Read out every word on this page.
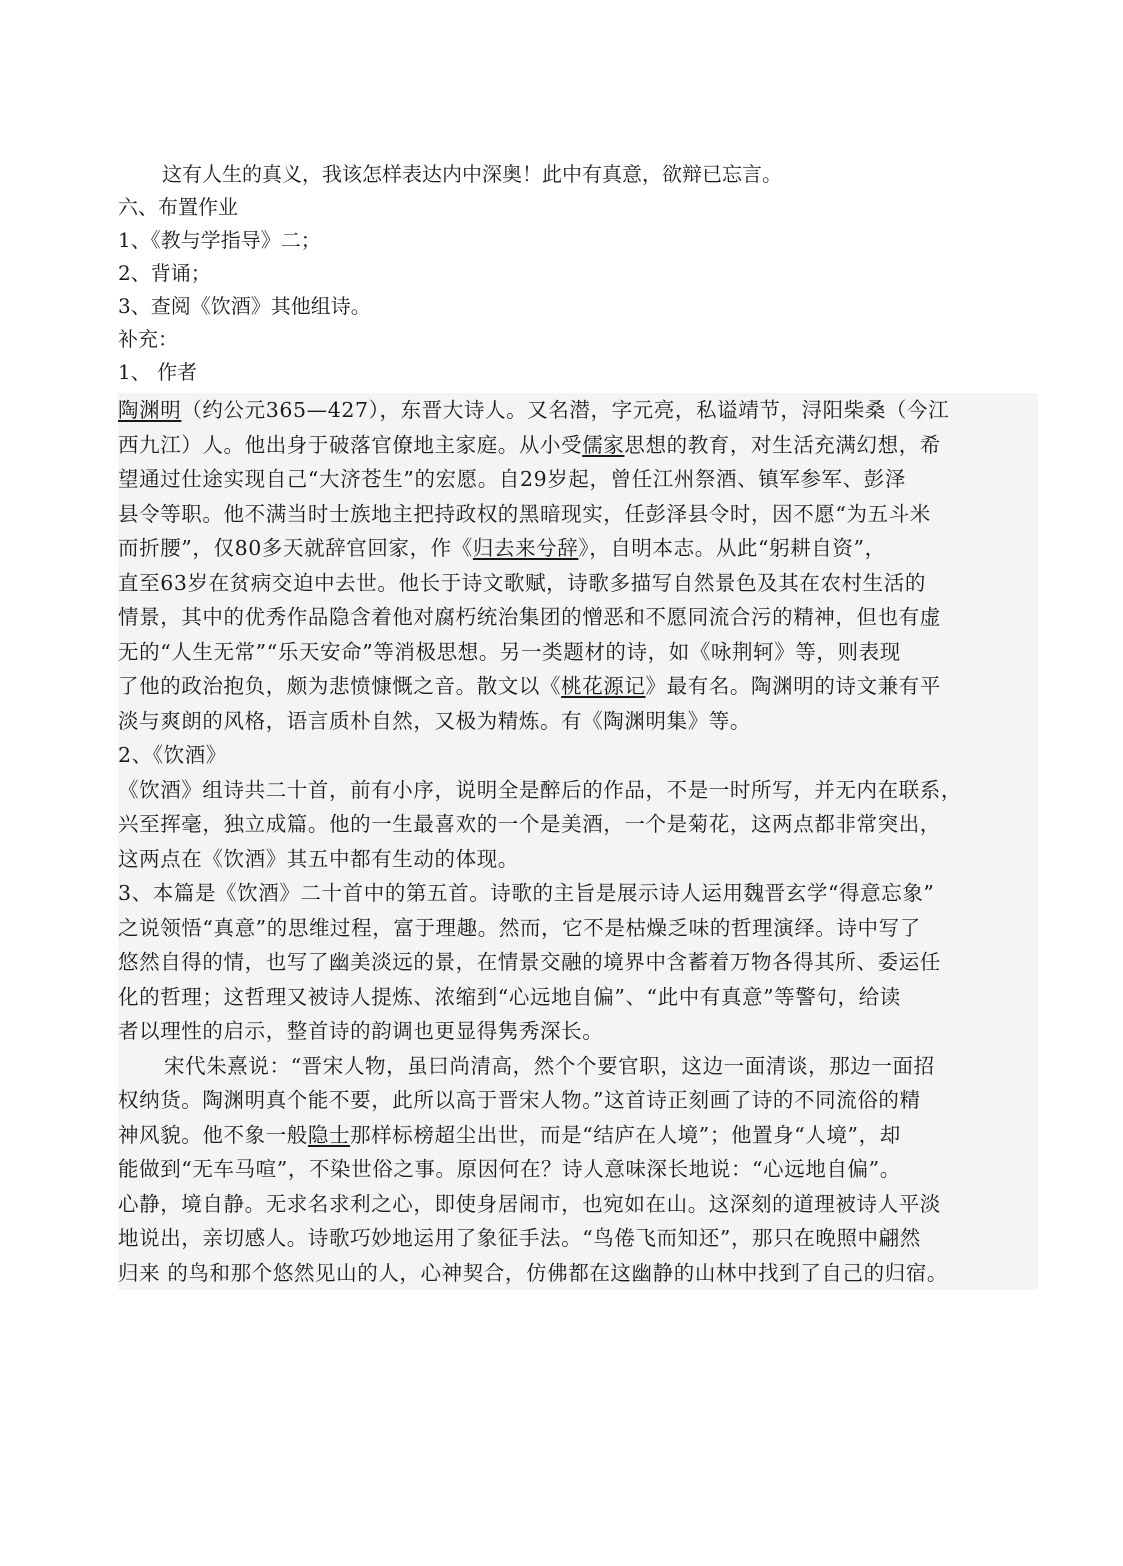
这有人生的真义，我该怎样表达内中深奥！此中有真意，欲辩已忘言。
六、布置作业
1、《教与学指导》二；
2、背诵；
3、查阅《饮酒》其他组诗。
补充：
1、 作者
陶渊明（约公元365—427），东晋大诗人。又名潜，字元亮，私谥靖节，浔阳柴桑（今江
西九江）人。他出身于破落官僚地主家庭。从小受儒家思想的教育，对生活充满幻想，希
望通过仕途实现自己“大济苍生”的宏愿。自29岁起，曾任江州祭酒、镇军参军、彭泽
县令等职。他不满当时士族地主把持政权的黑暗现实，任彭泽县令时，因不愿“为五斗米
而折腰”，仅80多天就辞官回家，作《归去来兮辞》，自明本志。从此“躬耕自资”，
直至63岁在贫病交迫中去世。他长于诗文歌赋，诗歌多描写自然景色及其在农村生活的
情景，其中的优秀作品隐含着他对腐朽统治集团的憎恶和不愿同流合污的精神，但也有虚
无的“人生无常”“乐天安命”等消极思想。另一类题材的诗，如《咏荆轲》等，则表现
了他的政治抱负，颇为悲愤慷慨之音。散文以《桃花源记》最有名。陶渊明的诗文兼有平
淡与爽朗的风格，语言质朴自然，又极为精炼。有《陶渊明集》等。
2、《饮酒》
《饮酒》组诗共二十首，前有小序，说明全是醉后的作品，不是一时所写，并无内在联系，
兴至挥毫，独立成篇。他的一生最喜欢的一个是美酒，一个是菊花，这两点都非常突出，
这两点在《饮酒》其五中都有生动的体现。
3、本篇是《饮酒》二十首中的第五首。诗歌的主旨是展示诗人运用魏晋玄学“得意忘象”
之说领悟“真意”的思维过程，富于理趣。然而，它不是枯燥乏味的哲理演绎。诗中写了
悠然自得的情，也写了幽美淡远的景，在情景交融的境界中含蓄着万物各得其所、委运任
化的哲理；这哲理又被诗人提炼、浓缩到“心远地自偏”、“此中有真意”等警句，给读
者以理性的启示，整首诗的韵调也更显得隽秀深长。
宋代朱熹说：“晋宋人物，虽曰尚清高，然个个要官职，这边一面清谈，那边一面招
权纳货。陶渊明真个能不要，此所以高于晋宋人物。”这首诗正刻画了诗的不同流俗的精
神风貌。他不象一般隐士那样标榜超尘出世，而是“结庐在人境”；他置身“人境”，却
能做到“无车马喧”，不染世俗之事。原因何在？诗人意味深长地说：“心远地自偏”。
心静，境自静。无求名求利之心，即使身居闹市，也宛如在山。这深刻的道理被诗人平淡
地说出，亲切感人。诗歌巧妙地运用了象征手法。“鸟倦飞而知还”，那只在晚照中翩然
归来 的鸟和那个悠然见山的人，心神契合，仿佛都在这幽静的山林中找到了自己的归宿。
